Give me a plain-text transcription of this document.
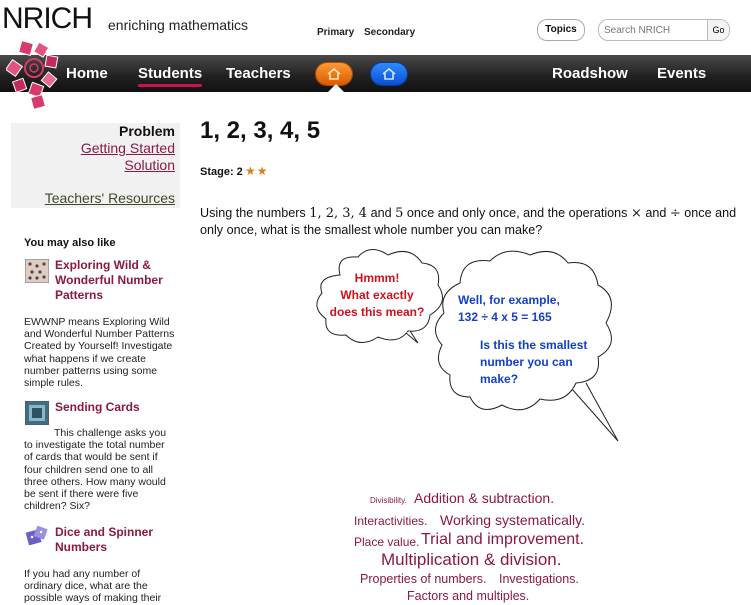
NRICH enriching mathematics	Primary Secondary	Topics
Search NRICH	Go
Home Students Teachers	Roadshow Events
Problem
Getting Started
Solution
Teachers' Resources
You may also like
Exploring Wild & Wonderful Number Patterns
EWWNP means Exploring Wild and Wonderful Number Patterns Created by Yourself! Investigate what happens if we create number patterns using some simple rules.
Sending Cards
This challenge asks you to investigate the total number of cards that would be sent if four children send one to all three others. How many would be sent if there were five children? Six?
Dice and Spinner Numbers
If you had any number of ordinary dice, what are the possible ways of making their
1, 2, 3, 4, 5
Stage: 2 ★★
Using the numbers 1, 2, 3, 4 and 5 once and only once, and the operations × and ÷ once and only once, what is the smallest whole number you can make?
Hmmm!
What exactly
does this mean?
Well, for example,
132 ÷ 4 x 5 = 165
Is this the smallest
number you can
make?
Divisibility. Addition & subtraction.
Interactivities. Working systematically.
Place value. Trial and improvement.
Multiplication & division.
Properties of numbers. Investigations.
Factors and multiples.
